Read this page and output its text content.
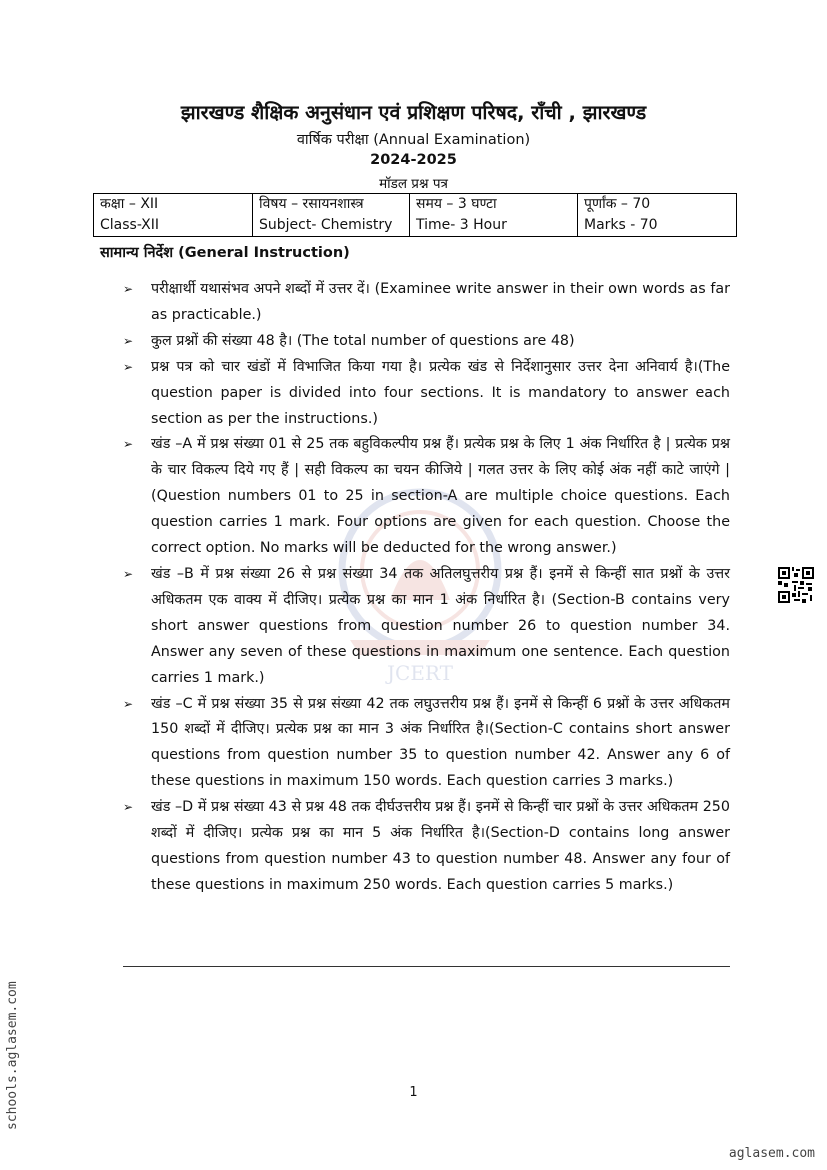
झारखण्ड शैक्षिक अनुसंधान एवं प्रशिक्षण परिषद, राँची , झारखण्ड
वार्षिक परीक्षा (Annual Examination)
2024-2025
मॉडल प्रश्न पत्र
कक्षा – XII	विषय – रसायनशास्त्र	समय – 3 घण्टा	पूर्णांक – 70
Class-XII	Subject- Chemistry	Time- 3 Hour	Marks - 70
सामान्य निर्देश (General Instruction)
JCERT
➢ परीक्षार्थी यथासंभव अपने शब्दों में उत्तर दें। (Examinee write answer in their own words as far as practicable.)
➢ कुल प्रश्नों की संख्या 48 है। (The total number of questions are 48)
➢ प्रश्न पत्र को चार खंडों में विभाजित किया गया है। प्रत्येक खंड से निर्देशानुसार उत्तर देना अनिवार्य है।(The question paper is divided into four sections. It is mandatory to answer each section as per the instructions.)
➢ खंड –A में प्रश्न संख्या 01 से 25 तक बहुविकल्पीय प्रश्न हैं। प्रत्येक प्रश्न के लिए 1 अंक निर्धारित है | प्रत्येक प्रश्न के चार विकल्प दिये गए हैं | सही विकल्प का चयन कीजिये | गलत उत्तर के लिए कोई अंक नहीं काटे जाएंगे | (Question numbers 01 to 25 in section-A are multiple choice questions. Each question carries 1 mark. Four options are given for each question. Choose the correct option. No marks will be deducted for the wrong answer.)
➢ खंड –B में प्रश्न संख्या 26 से प्रश्न संख्या 34 तक अतिलघुत्तरीय प्रश्न हैं। इनमें से किन्हीं सात प्रश्नों के उत्तर अधिकतम एक वाक्य में दीजिए। प्रत्येक प्रश्न का मान 1 अंक निर्धारित है। (Section-B contains very short answer questions from question number 26 to question number 34. Answer any seven of these questions in maximum one sentence. Each question carries 1 mark.)
➢ खंड –C में प्रश्न संख्या 35 से प्रश्न संख्या 42 तक लघुउत्तरीय प्रश्न हैं। इनमें से किन्हीं 6 प्रश्नों के उत्तर अधिकतम 150 शब्दों में दीजिए। प्रत्येक प्रश्न का मान 3 अंक निर्धारित है।(Section-C contains short answer questions from question number 35 to question number 42. Answer any 6 of these questions in maximum 150 words. Each question carries 3 marks.)
➢ खंड –D में प्रश्न संख्या 43 से प्रश्न 48 तक दीर्घउत्तरीय प्रश्न हैं। इनमें से किन्हीं चार प्रश्नों के उत्तर अधिकतम 250 शब्दों में दीजिए। प्रत्येक प्रश्न का मान 5 अंक निर्धारित है।(Section-D contains long answer questions from question number 43 to question number 48. Answer any four of these questions in maximum 250 words. Each question carries 5 marks.)
1
schools.aglasem.com
aglasem.com
